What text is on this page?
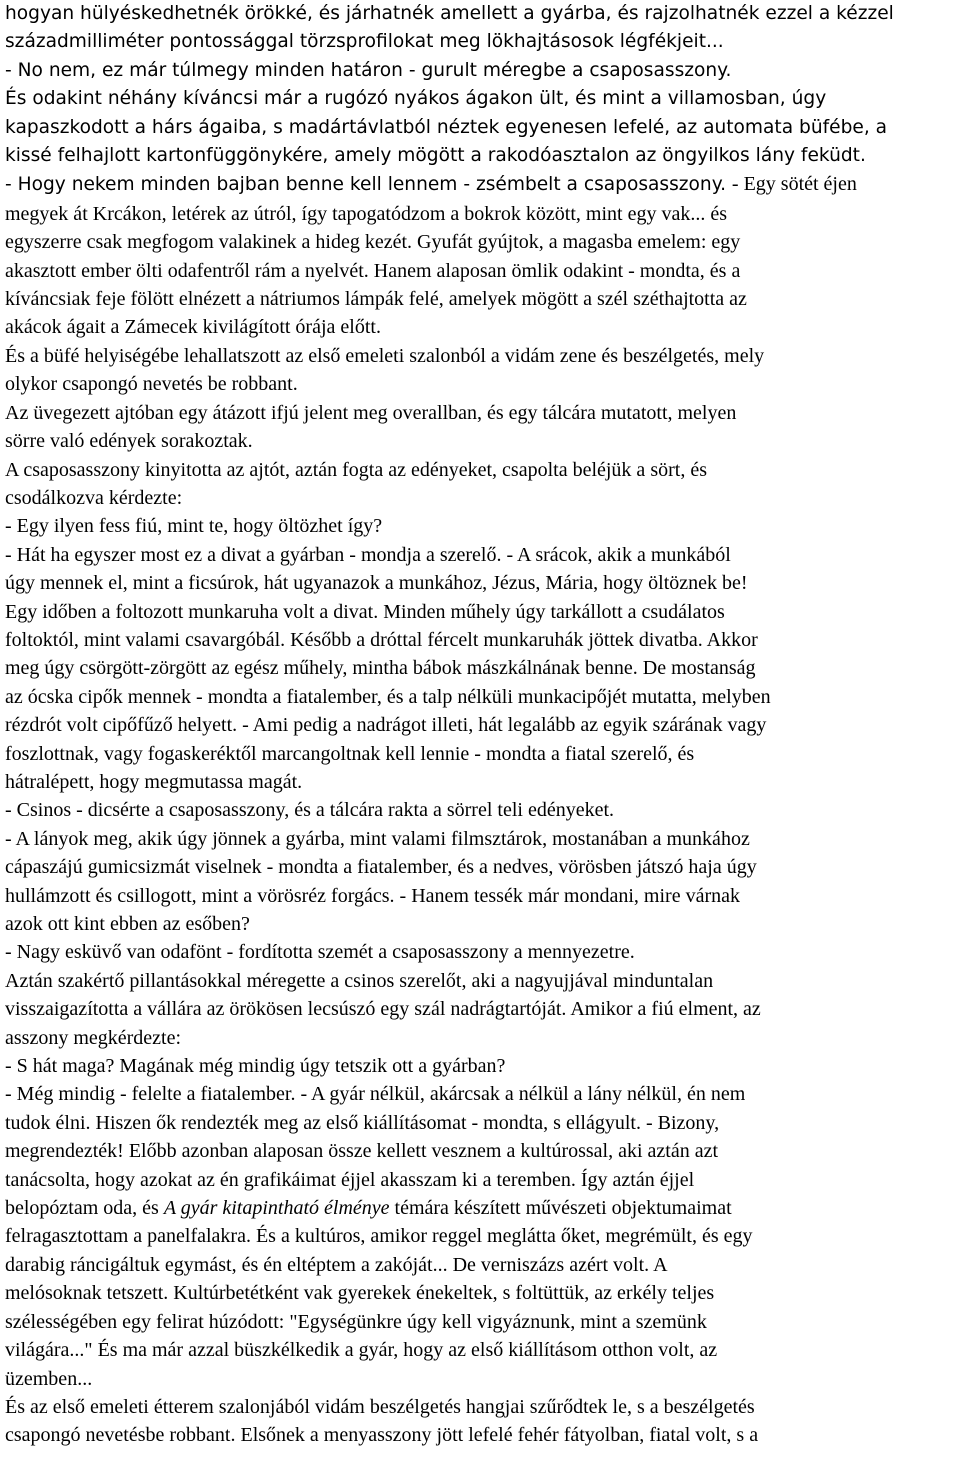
hogyan hülyéskedhetnék örökké, és járhatnék amellett a gyárba, és rajzolhatnék ezzel a kézzel
századmilliméter pontossággal törzsprofilokat meg lökhajtásosok légfékjeit...
- No nem, ez már túlmegy minden határon - gurult méregbe a csaposasszony.
És odakint néhány kíváncsi már a rugózó nyákos ágakon ült, és mint a villamosban, úgy
kapaszkodott a hárs ágaiba, s madártávlatból néztek egyenesen lefelé, az automata büfébe, a
kissé felhajlott kartonfüggönykére, amely mögött a rakodóasztalon az öngyilkos lány feküdt.
- Hogy nekem minden bajban benne kell lennem - zsémbelt a csaposasszony. - Egy sötét éjen
megyek át Krcákon, letérek az útról, így tapogatódzom a bokrok között, mint egy vak... és
egyszerre csak megfogom valakinek a hideg kezét. Gyufát gyújtok, a magasba emelem: egy
akasztott ember ölti odafentről rám a nyelvét. Hanem alaposan ömlik odakint - mondta, és a
kíváncsiak feje fölött elnézett a nátriumos lámpák felé, amelyek mögött a szél széthajtotta az
akácok ágait a Zámecek kivilágított órája előtt.
És a büfé helyiségébe lehallatszott az első emeleti szalonból a vidám zene és beszélgetés, mely
olykor csapongó nevetés be robbant.
Az üvegezett ajtóban egy átázott ifjú jelent meg overallban, és egy tálcára mutatott, melyen
sörre való edények sorakoztak.
A csaposasszony kinyitotta az ajtót, aztán fogta az edényeket, csapolta beléjük a sört, és
csodálkozva kérdezte:
- Egy ilyen fess fiú, mint te, hogy öltözhet így?
- Hát ha egyszer most ez a divat a gyárban - mondja a szerelő. - A srácok, akik a munkából
úgy mennek el, mint a ficsúrok, hát ugyanazok a munkához, Jézus, Mária, hogy öltöznek be!
Egy időben a foltozott munkaruha volt a divat. Minden műhely úgy tarkállott a csudálatos
foltoktól, mint valami csavargóbál. Később a dróttal fércelt munkaruhák jöttek divatba. Akkor
meg úgy csörgött-zörgött az egész műhely, mintha bábok mászkálnának benne. De mostanság
az ócska cipők mennek - mondta a fiatalember, és a talp nélküli munkacipőjét mutatta, melyben
rézdrót volt cipőfűző helyett. - Ami pedig a nadrágot illeti, hát legalább az egyik szárának vagy
foszlottnak, vagy fogaskeréktől marcangoltnak kell lennie - mondta a fiatal szerelő, és
hátralépett, hogy megmutassa magát.
- Csinos - dicsérte a csaposasszony, és a tálcára rakta a sörrel teli edényeket.
- A lányok meg, akik úgy jönnek a gyárba, mint valami filmsztárok, mostanában a munkához
cápaszájú gumicsizmát viselnek - mondta a fiatalember, és a nedves, vörösben játszó haja úgy
hullámzott és csillogott, mint a vörösréz forgács. - Hanem tessék már mondani, mire várnak
azok ott kint ebben az esőben?
- Nagy esküvő van odafönt - fordította szemét a csaposasszony a mennyezetre.
Aztán szakértő pillantásokkal méregette a csinos szerelőt, aki a nagyujjával minduntalan
visszaigazította a vállára az örökösen lecsúszó egy szál nadrágtartóját. Amikor a fiú elment, az
asszony megkérdezte:
- S hát maga? Magának még mindig úgy tetszik ott a gyárban?
- Még mindig - felelte a fiatalember. - A gyár nélkül, akárcsak a nélkül a lány nélkül, én nem
tudok élni. Hiszen ők rendezték meg az első kiállításomat - mondta, s ellágyult. - Bizony,
megrendezték! Előbb azonban alaposan össze kellett vesznem a kultúrossal, aki aztán azt
tanácsolta, hogy azokat az én grafikáimat éjjel akasszam ki a teremben. Így aztán éjjel
belopóztam oda, és A gyár kitapintható élménye témára készített művészeti objektumaimat
felragasztottam a panelfalakra. És a kultúros, amikor reggel meglátta őket, megrémült, és egy
darabig ráncigáltuk egymást, és én eltéptem a zakóját... De verniszázs azért volt. A
melósoknak tetszett. Kultúrbetétként vak gyerekek énekeltek, s foltüttük, az erkély teljes
szélességében egy felirat húzódott: "Egységünkre úgy kell vigyáznunk, mint a szemünk
világára..." És ma már azzal büszkélkedik a gyár, hogy az első kiállításom otthon volt, az
üzemben...
És az első emeleti étterem szalonjából vidám beszélgetés hangjai szűrődtek le, s a beszélgetés
csapongó nevetésbe robbant. Elsőnek a menyasszony jött lefelé fehér fátyolban, fiatal volt, s a
